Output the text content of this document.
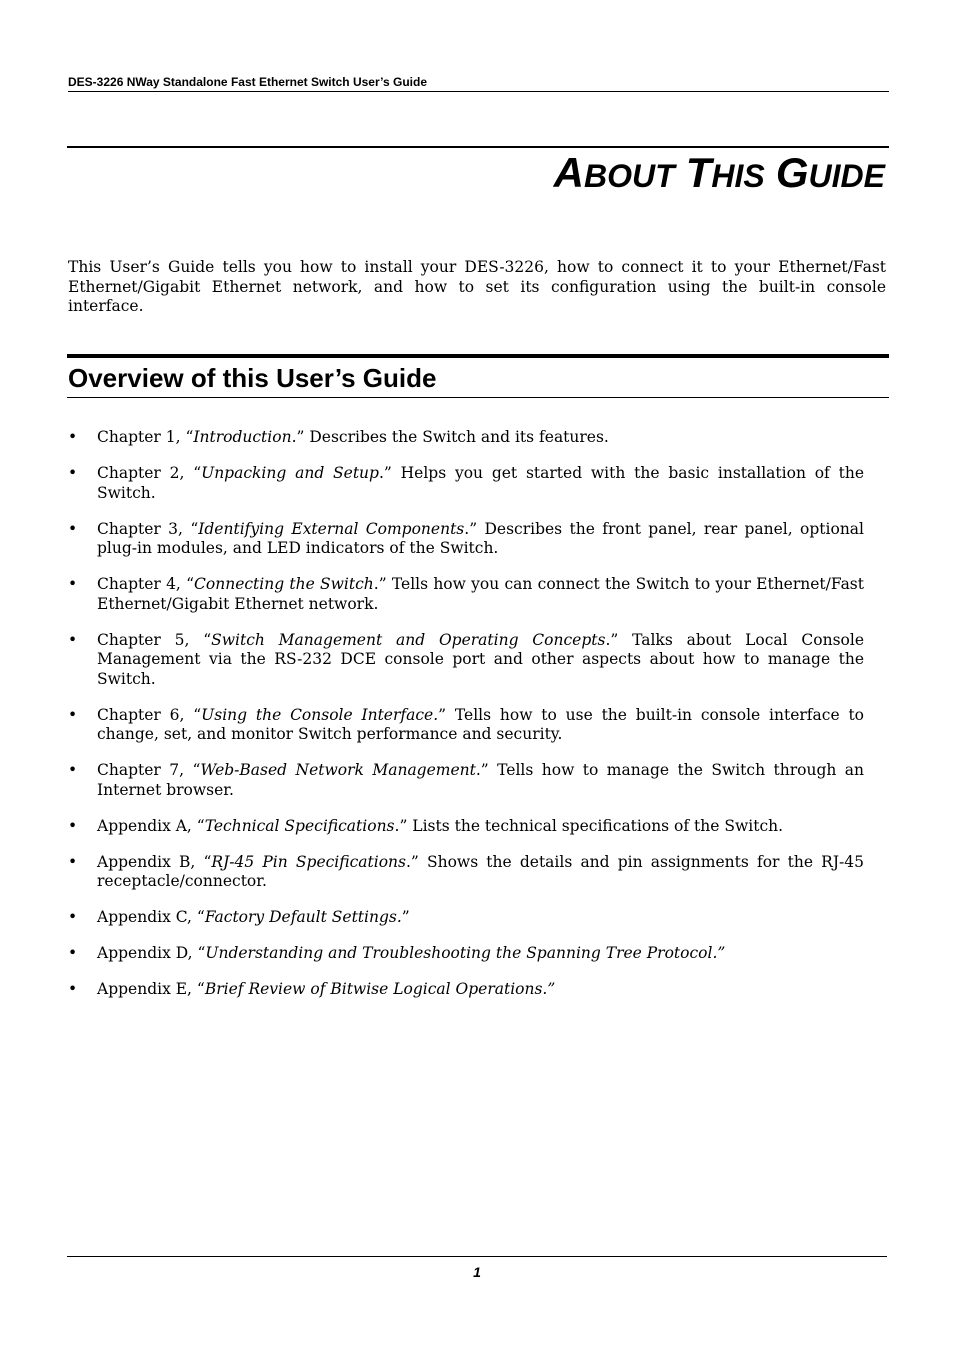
DES-3226 NWay Standalone Fast Ethernet Switch User’s Guide
ABOUT THIS GUIDE

This User’s Guide tells you how to install your DES-3226, how to connect it to your Ethernet/Fast Ethernet/Gigabit Ethernet network, and how to set its configuration using the built-in console interface.

Overview of this User’s Guide
• Chapter 1, “Introduction.” Describes the Switch and its features.
• Chapter 2, “Unpacking and Setup.” Helps you get started with the basic installation of the Switch.
• Chapter 3, “Identifying External Components.” Describes the front panel, rear panel, optional plug-in modules, and LED indicators of the Switch.
• Chapter 4, “Connecting the Switch.” Tells how you can connect the Switch to your Ethernet/Fast Ethernet/Gigabit Ethernet network.
• Chapter 5, “Switch Management and Operating Concepts.” Talks about Local Console Management via the RS-232 DCE console port and other aspects about how to manage the Switch.
• Chapter 6, “Using the Console Interface.” Tells how to use the built-in console interface to change, set, and monitor Switch performance and security.
• Chapter 7, “Web-Based Network Management.” Tells how to manage the Switch through an Internet browser.
• Appendix A, “Technical Specifications.” Lists the technical specifications of the Switch.
• Appendix B, “RJ-45 Pin Specifications.” Shows the details and pin assignments for the RJ-45 receptacle/connector.
• Appendix C, “Factory Default Settings.”
• Appendix D, “Understanding and Troubleshooting the Spanning Tree Protocol.”
• Appendix E, “Brief Review of Bitwise Logical Operations.”
1
